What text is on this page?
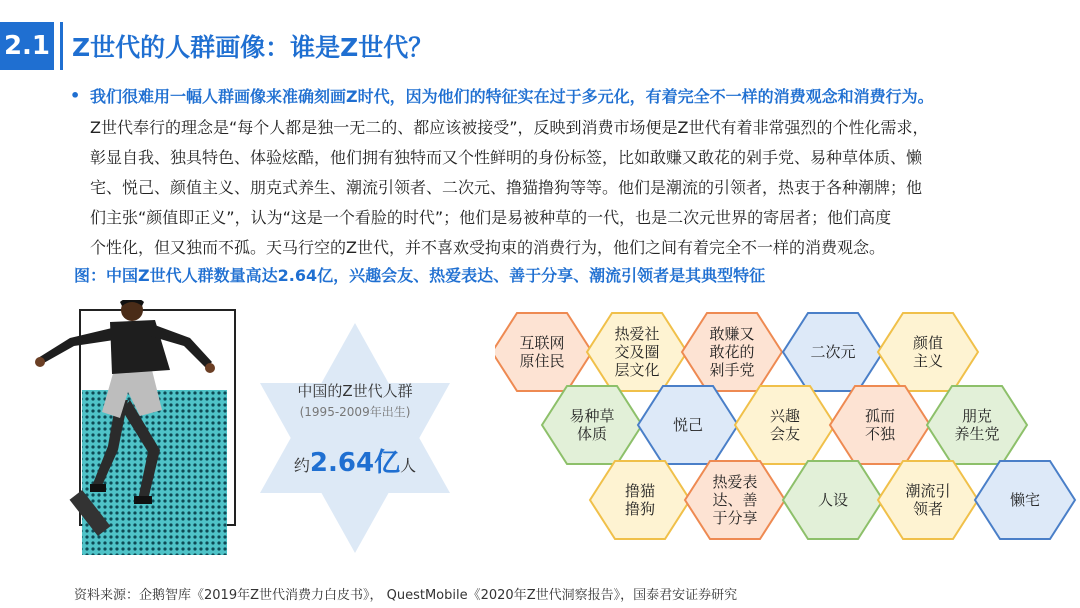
2.1 Z世代的人群画像：谁是Z世代？
• 我们很难用一幅人群画像来准确刻画Z时代，因为他们的特征实在过于多元化，有着完全不一样的消费观念和消费行为。
Z世代奉行的理念是“每个人都是独一无二的、都应该被接受”，反映到消费市场便是Z世代有着非常强烈的个性化需求，
彰显自我、独具特色、体验炫酷，他们拥有独特而又个性鲜明的身份标签，比如敢赚又敢花的剁手党、易种草体质、懒
宅、悦己、颜值主义、朋克式养生、潮流引领者、二次元、撸猫撸狗等等。他们是潮流的引领者，热衷于各种潮牌；他
们主张“颜值即正义”，认为“这是一个看脸的时代”；他们是易被种草的一代，也是二次元世界的寄居者；他们高度
个性化，但又独而不孤。天马行空的Z世代，并不喜欢受拘束的消费行为，他们之间有着完全不一样的消费观念。
图：中国Z世代人群数量高达2.64亿，兴趣会友、热爱表达、善于分享、潮流引领者是其典型特征
中国的Z世代人群
(1995-2009年出生)
约2.64亿人
互联网
原住民
热爱社
交及圈
层文化
敢赚又
敢花的
剁手党
二次元	颜值
主义
易种草
体质	悦己	兴趣
会友
孤而
不独
朋克
养生党
撸猫
撸狗
热爱表
达、善
于分享
人设	潮流引
领者	懒宅
资料来源：企鹅智库《2019年Z世代消费力白皮书》， QuestMobile《2020年Z世代洞察报告》，国泰君安证券研究
